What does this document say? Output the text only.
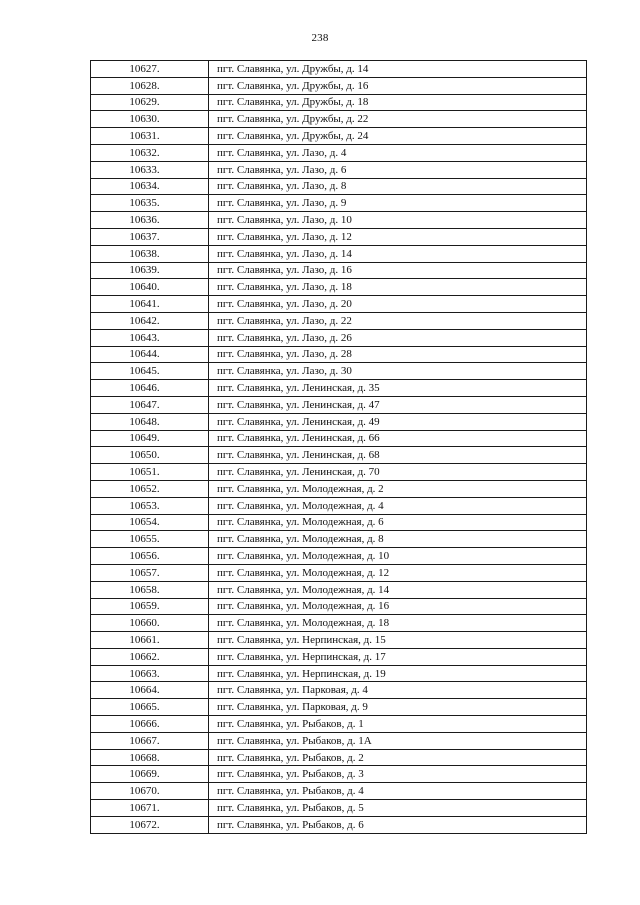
238
10627.	пгт. Славянка, ул. Дружбы, д. 14
10628.	пгт. Славянка, ул. Дружбы, д. 16
10629.	пгт. Славянка, ул. Дружбы, д. 18
10630.	пгт. Славянка, ул. Дружбы, д. 22
10631.	пгт. Славянка, ул. Дружбы, д. 24
10632.	пгт. Славянка, ул. Лазо, д. 4
10633.	пгт. Славянка, ул. Лазо, д. 6
10634.	пгт. Славянка, ул. Лазо, д. 8
10635.	пгт. Славянка, ул. Лазо, д. 9
10636.	пгт. Славянка, ул. Лазо, д. 10
10637.	пгт. Славянка, ул. Лазо, д. 12
10638.	пгт. Славянка, ул. Лазо, д. 14
10639.	пгт. Славянка, ул. Лазо, д. 16
10640.	пгт. Славянка, ул. Лазо, д. 18
10641.	пгт. Славянка, ул. Лазо, д. 20
10642.	пгт. Славянка, ул. Лазо, д. 22
10643.	пгт. Славянка, ул. Лазо, д. 26
10644.	пгт. Славянка, ул. Лазо, д. 28
10645.	пгт. Славянка, ул. Лазо, д. 30
10646.	пгт. Славянка, ул. Ленинская, д. 35
10647.	пгт. Славянка, ул. Ленинская, д. 47
10648.	пгт. Славянка, ул. Ленинская, д. 49
10649.	пгт. Славянка, ул. Ленинская, д. 66
10650.	пгт. Славянка, ул. Ленинская, д. 68
10651.	пгт. Славянка, ул. Ленинская, д. 70
10652.	пгт. Славянка, ул. Молодежная, д. 2
10653.	пгт. Славянка, ул. Молодежная, д. 4
10654.	пгт. Славянка, ул. Молодежная, д. 6
10655.	пгт. Славянка, ул. Молодежная, д. 8
10656.	пгт. Славянка, ул. Молодежная, д. 10
10657.	пгт. Славянка, ул. Молодежная, д. 12
10658.	пгт. Славянка, ул. Молодежная, д. 14
10659.	пгт. Славянка, ул. Молодежная, д. 16
10660.	пгт. Славянка, ул. Молодежная, д. 18
10661.	пгт. Славянка, ул. Нерпинская, д. 15
10662.	пгт. Славянка, ул. Нерпинская, д. 17
10663.	пгт. Славянка, ул. Нерпинская, д. 19
10664.	пгт. Славянка, ул. Парковая, д. 4
10665.	пгт. Славянка, ул. Парковая, д. 9
10666.	пгт. Славянка, ул. Рыбаков, д. 1
10667.	пгт. Славянка, ул. Рыбаков, д. 1А
10668.	пгт. Славянка, ул. Рыбаков, д. 2
10669.	пгт. Славянка, ул. Рыбаков, д. 3
10670.	пгт. Славянка, ул. Рыбаков, д. 4
10671.	пгт. Славянка, ул. Рыбаков, д. 5
10672.	пгт. Славянка, ул. Рыбаков, д. 6
